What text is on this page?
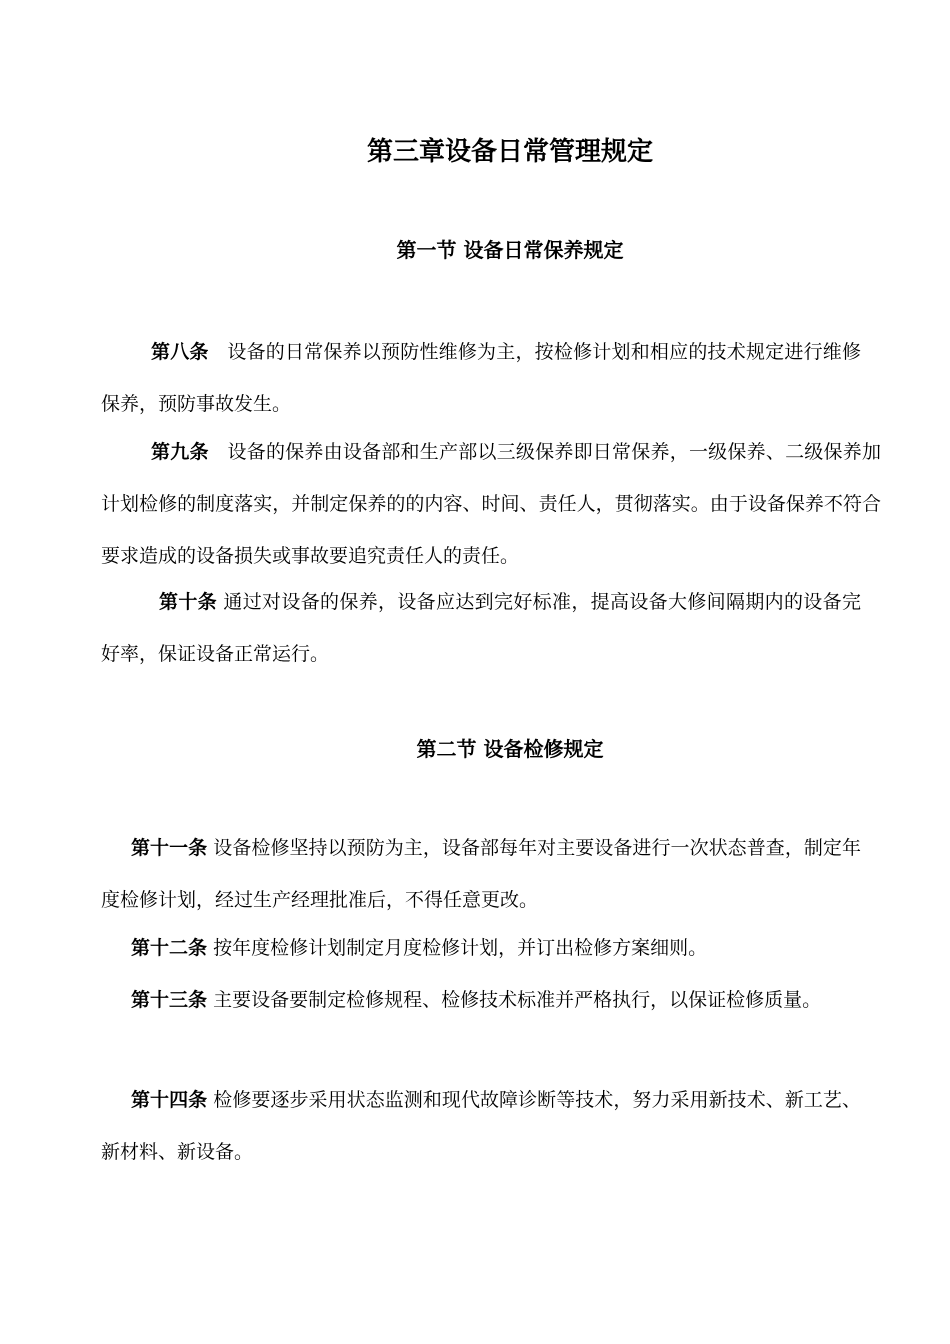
第三章设备日常管理规定
第一节 设备日常保养规定

第八条 设备的日常保养以预防性维修为主，按检修计划和相应的技术规定进行维修保养，预防事故发生。

第九条 设备的保养由设备部和生产部以三级保养即日常保养，一级保养、二级保养加计划检修的制度落实，并制定保养的的内容、时间、责任人，贯彻落实。由于设备保养不符合要求造成的设备损失或事故要追究责任人的责任。

第十条 通过对设备的保养，设备应达到完好标准，提高设备大修间隔期内的设备完好率，保证设备正常运行。

第二节 设备检修规定

第十一条 设备检修坚持以预防为主，设备部每年对主要设备进行一次状态普查，制定年度检修计划，经过生产经理批准后，不得任意更改。

第十二条 按年度检修计划制定月度检修计划，并订出检修方案细则。

第十三条 主要设备要制定检修规程、检修技术标准并严格执行，以保证检修质量。

第十四条 检修要逐步采用状态监测和现代故障诊断等技术，努力采用新技术、新工艺、新材料、新设备。
